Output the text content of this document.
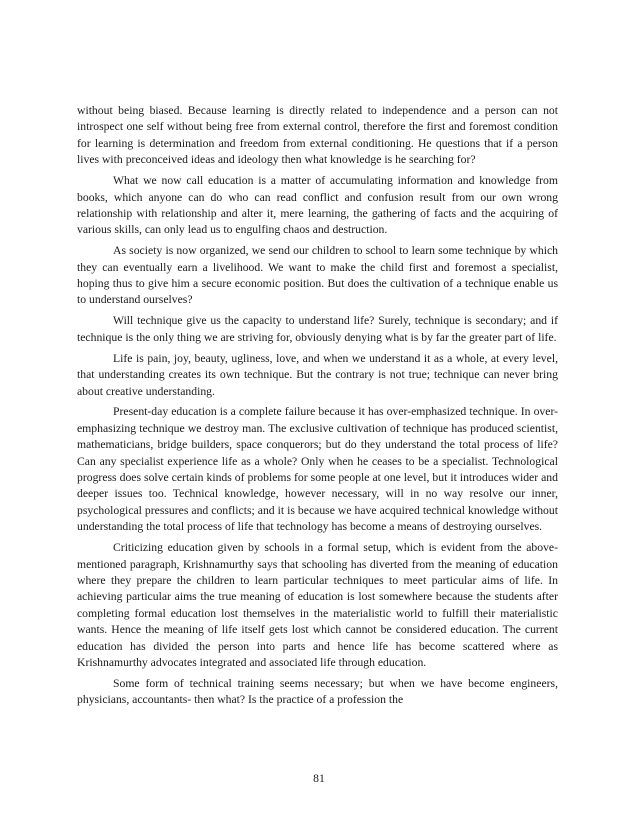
without being biased. Because learning is directly related to independence and a person can not introspect one self without being free from external control, therefore the first and foremost condition for learning is determination and freedom from external conditioning. He questions that if a person lives with preconceived ideas and ideology then what knowledge is he searching for?

What we now call education is a matter of accumulating information and knowledge from books, which anyone can do who can read conflict and confusion result from our own wrong relationship with relationship and alter it, mere learning, the gathering of facts and the acquiring of various skills, can only lead us to engulfing chaos and destruction.

As society is now organized, we send our children to school to learn some technique by which they can eventually earn a livelihood. We want to make the child first and foremost a specialist, hoping thus to give him a secure economic position. But does the cultivation of a technique enable us to understand ourselves?

Will technique give us the capacity to understand life? Surely, technique is secondary; and if technique is the only thing we are striving for, obviously denying what is by far the greater part of life.

Life is pain, joy, beauty, ugliness, love, and when we understand it as a whole, at every level, that understanding creates its own technique. But the contrary is not true; technique can never bring about creative understanding.

Present-day education is a complete failure because it has over-emphasized technique. In over-emphasizing technique we destroy man. The exclusive cultivation of technique has produced scientist, mathematicians, bridge builders, space conquerors; but do they understand the total process of life? Can any specialist experience life as a whole? Only when he ceases to be a specialist. Technological progress does solve certain kinds of problems for some people at one level, but it introduces wider and deeper issues too. Technical knowledge, however necessary, will in no way resolve our inner, psychological pressures and conflicts; and it is because we have acquired technical knowledge without understanding the total process of life that technology has become a means of destroying ourselves.

Criticizing education given by schools in a formal setup, which is evident from the above-mentioned paragraph, Krishnamurthy says that schooling has diverted from the meaning of education where they prepare the children to learn particular techniques to meet particular aims of life. In achieving particular aims the true meaning of education is lost somewhere because the students after completing formal education lost themselves in the materialistic world to fulfill their materialistic wants. Hence the meaning of life itself gets lost which cannot be considered education. The current education has divided the person into parts and hence life has become scattered where as Krishnamurthy advocates integrated and associated life through education.

Some form of technical training seems necessary; but when we have become engineers, physicians, accountants- then what? Is the practice of a profession the

81
